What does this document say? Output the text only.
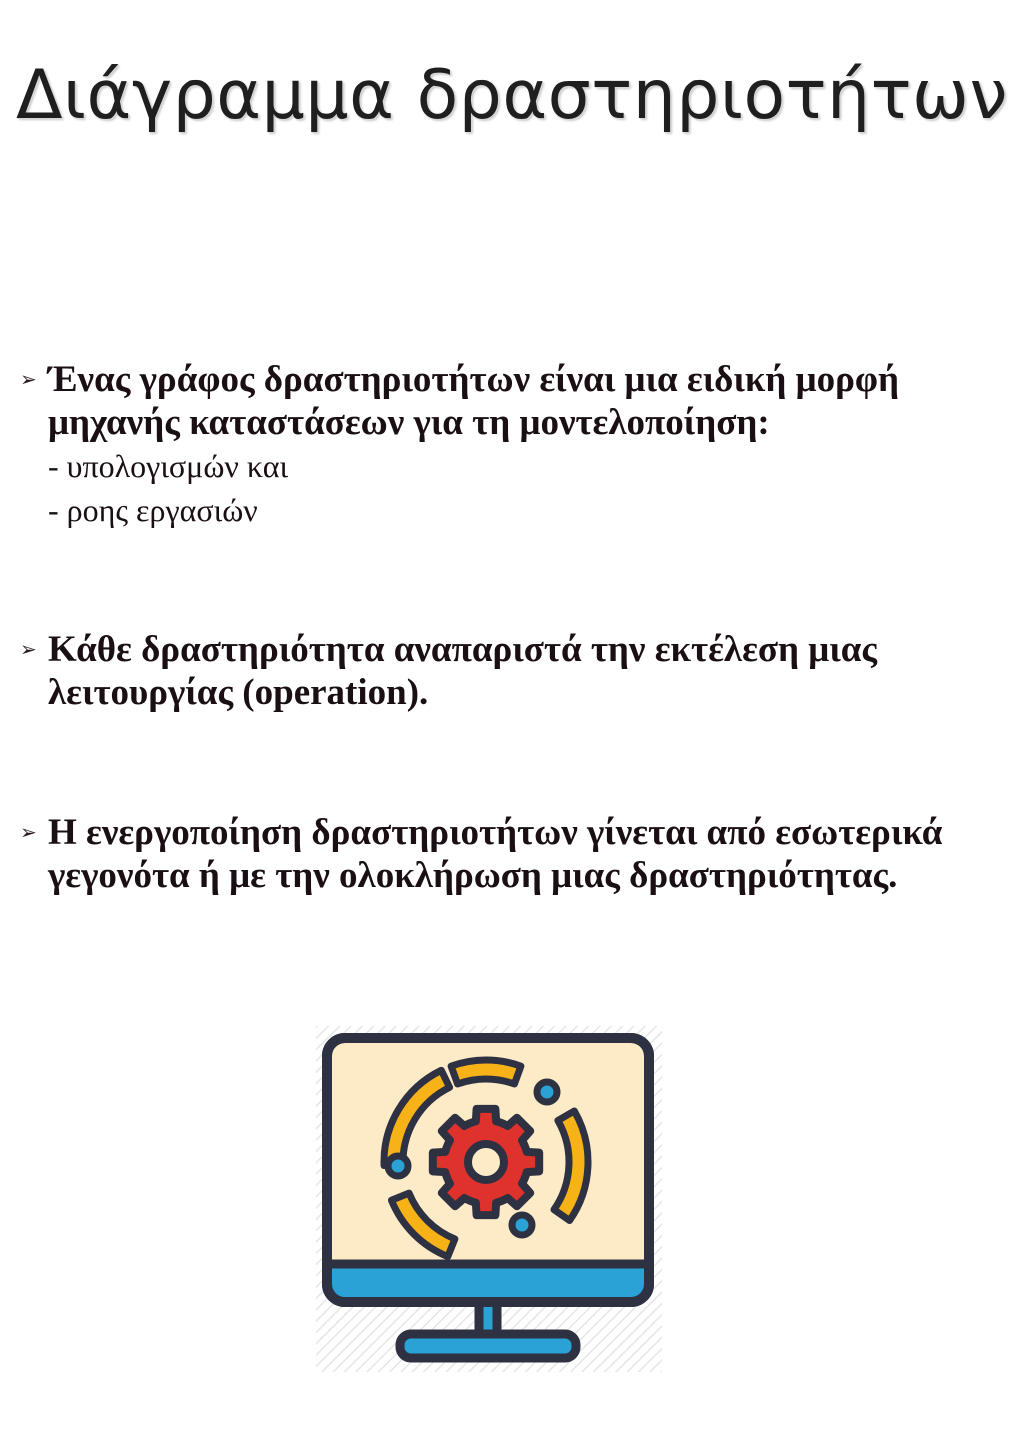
Διάγραμμα δραστηριοτήτων
➢ Ένας γράφος δραστηριοτήτων είναι μια ειδική μορφή μηχανής καταστάσεων για τη μοντελοποίηση:
- υπολογισμών και
- ροης εργασιών
➢ Κάθε δραστηριότητα αναπαριστά την εκτέλεση μιας λειτουργίας (operation).
➢ Η ενεργοποίηση δραστηριοτήτων γίνεται από εσωτερικά γεγονότα ή με την ολοκλήρωση μιας δραστηριότητας.
